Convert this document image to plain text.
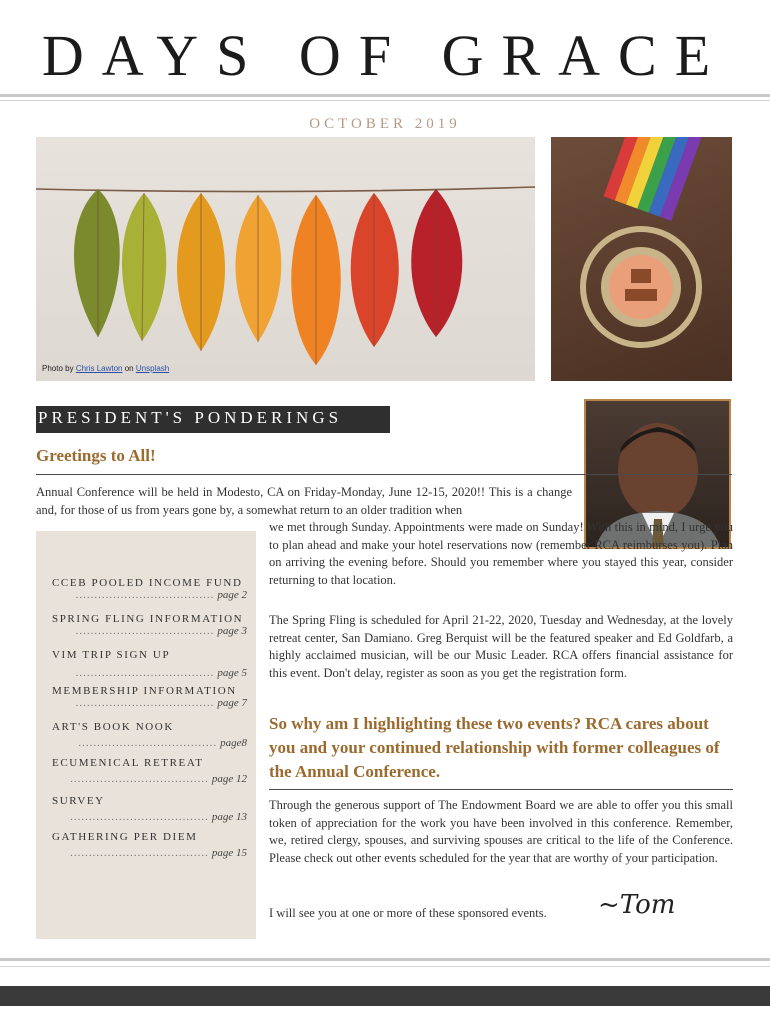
DAYS OF GRACE
OCTOBER 2019
Photo by Chris Lawton on Unsplash
PRESIDENT'S PONDERINGS
Greetings to All!
Annual Conference will be held in Modesto, CA on Friday-Monday, June 12-15, 2020!! This is a change and, for those of us from years gone by, a somewhat return to an older tradition when
we met through Sunday. Appointments were made on Sunday! With this in mind, I urge you to plan ahead and make your hotel reservations now (remember RCA reimburses you). Plan on arriving the evening before. Should you remember where you stayed this year, consider returning to that location.
The Spring Fling is scheduled for April 21-22, 2020, Tuesday and Wednesday, at the lovely retreat center, San Damiano. Greg Berquist will be the featured speaker and Ed Goldfarb, a highly acclaimed musician, will be our Music Leader. RCA offers financial assistance for this event. Don't delay, register as soon as you get the registration form.
CCEB POOLED INCOME FUND
..................................... page 2
SPRING FLING INFORMATION
..................................... page 3
VIM TRIP SIGN UP
..................................... page 5
MEMBERSHIP INFORMATION
..................................... page 7
ART'S BOOK NOOK
..................................... page8
ECUMENICAL RETREAT
..................................... page 12
SURVEY
..................................... page 13
GATHERING PER DIEM
..................................... page 15
So why am I highlighting these two events? RCA cares about you and your continued relationship with former colleagues of the Annual Conference.
Through the generous support of The Endowment Board we are able to offer you this small token of appreciation for the work you have been involved in this conference. Remember, we, retired clergy, spouses, and surviving spouses are critical to the life of the Conference. Please check out other events scheduled for the year that are worthy of your participation.
I will see you at one or more of these sponsored events. ~Tom
